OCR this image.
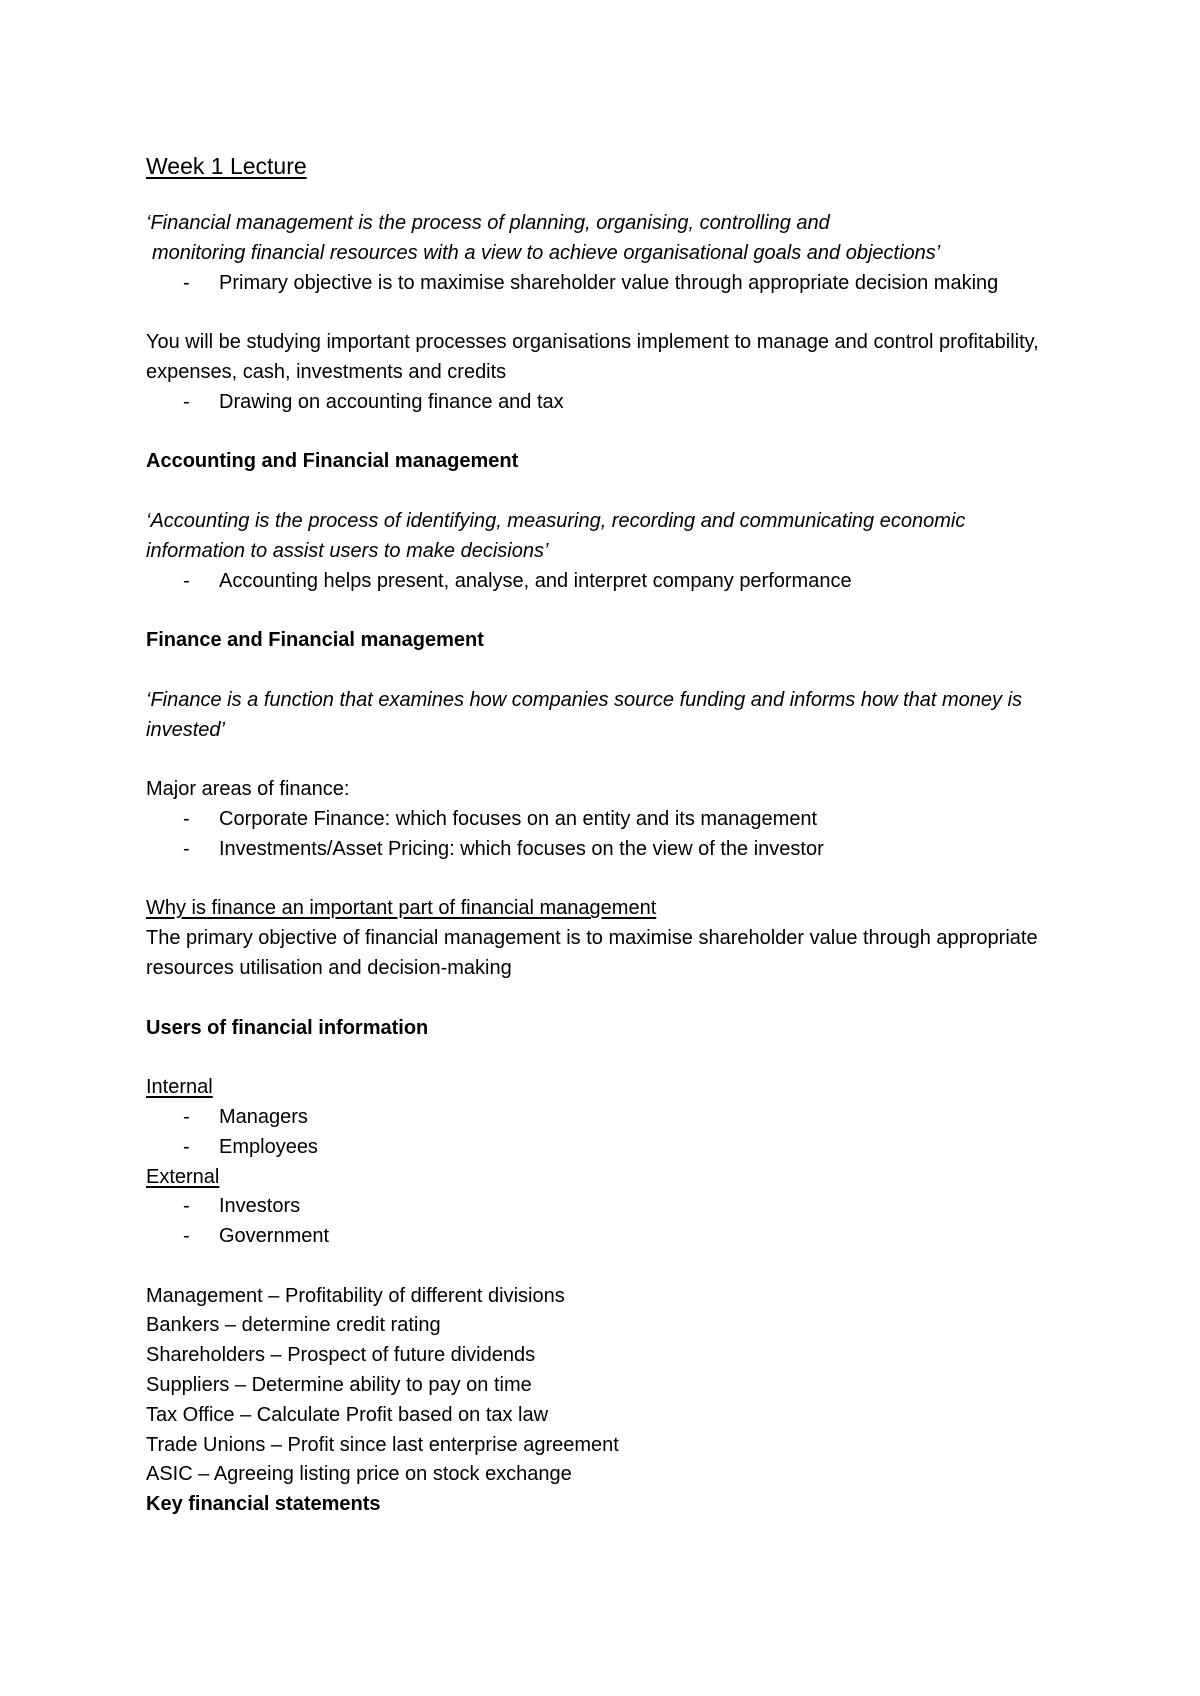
Week 1 Lecture

‘Financial management is the process of planning, organising, controlling and

monitoring financial resources with a view to achieve organisational goals and objections’

- Primary objective is to maximise shareholder value through appropriate decision making

You will be studying important processes organisations implement to manage and control profitability, expenses, cash, investments and credits

- Drawing on accounting finance and tax

Accounting and Financial management

‘Accounting is the process of identifying, measuring, recording and communicating economic information to assist users to make decisions’

- Accounting helps present, analyse, and interpret company performance

Finance and Financial management

‘Finance is a function that examines how companies source funding and informs how that money is invested’

Major areas of finance:

- Corporate Finance: which focuses on an entity and its management
- Investments/Asset Pricing: which focuses on the view of the investor

Why is finance an important part of financial management

The primary objective of financial management is to maximise shareholder value through appropriate resources utilisation and decision-making

Users of financial information

Internal

- Managers
- Employees

External

- Investors
- Government

Management – Profitability of different divisions

Bankers – determine credit rating

Shareholders – Prospect of future dividends

Suppliers – Determine ability to pay on time

Tax Office – Calculate Profit based on tax law

Trade Unions – Profit since last enterprise agreement

ASIC – Agreeing listing price on stock exchange

Key financial statements
